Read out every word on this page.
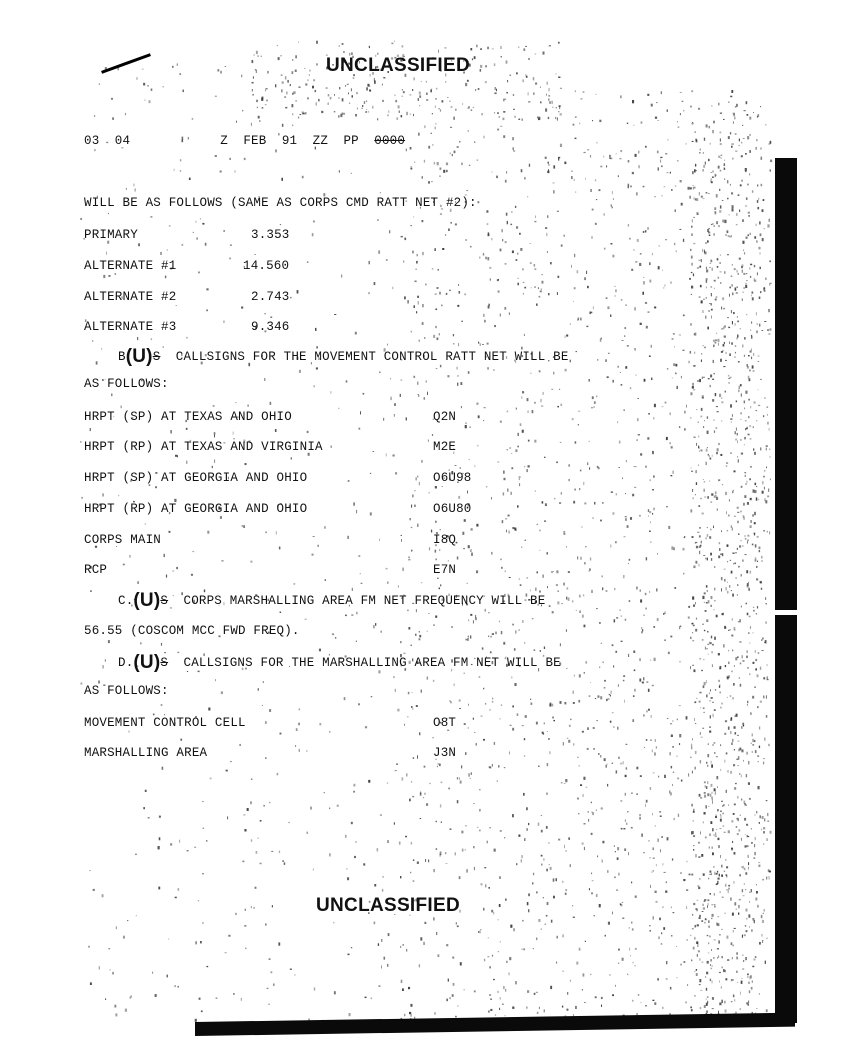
UNCLASSIFIED
03  04	Z  FEB  91  ZZ  PP 0000
WILL BE AS FOLLOWS (SAME AS CORPS CMD RATT NET #2):
PRIMARY	3.353
ALTERNATE #1	14.560
ALTERNATE #2	2.743
ALTERNATE #3	9.346
B(U)S CALLSIGNS FOR THE MOVEMENT CONTROL RATT NET WILL BE
AS FOLLOWS:
HRPT (SP) AT TEXAS AND OHIO	Q2N
HRPT (RP) AT TEXAS AND VIRGINIA	M2E
HRPT (SP) AT GEORGIA AND OHIO	O6U98
HRPT (RP) AT GEORGIA AND OHIO	O6U80
CORPS MAIN	I8Q
RCP	E7N
C.(U)S CORPS MARSHALLING AREA FM NET FREQUENCY WILL BE
56.55 (COSCOM MCC FWD FREQ).
D.(U)S CALLSIGNS FOR THE MARSHALLING AREA FM NET WILL BE
AS FOLLOWS:
MOVEMENT CONTROL CELL	O8T
MARSHALLING AREA	J3N
UNCLASSIFIED
